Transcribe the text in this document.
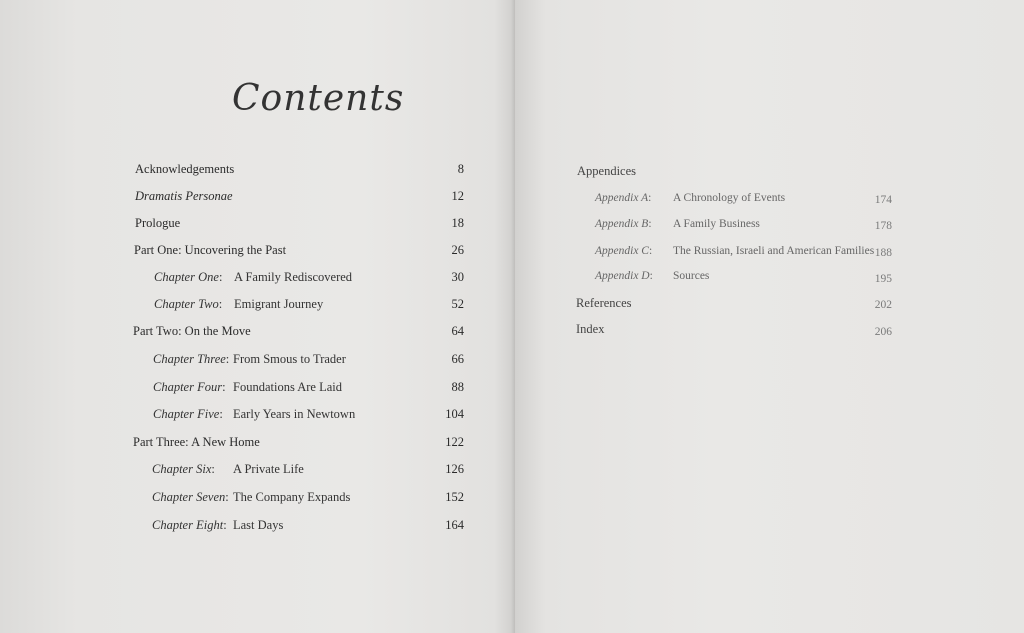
Contents
Acknowledgements	8
Dramatis Personae	12
Prologue	18
Part One: Uncovering the Past	26
Chapter One: A Family Rediscovered	30
Chapter Two: Emigrant Journey	52
Part Two: On the Move	64
Chapter Three: From Smous to Trader	66
Chapter Four: Foundations Are Laid	88
Chapter Five: Early Years in Newtown	104
Part Three: A New Home	122
Chapter Six: A Private Life	126
Chapter Seven: The Company Expands	152
Chapter Eight: Last Days	164
Appendices
Appendix A: A Chronology of Events	174
Appendix B: A Family Business	178
Appendix C: The Russian, Israeli and American Families 188
Appendix D: Sources	195
References	202
Index	206
